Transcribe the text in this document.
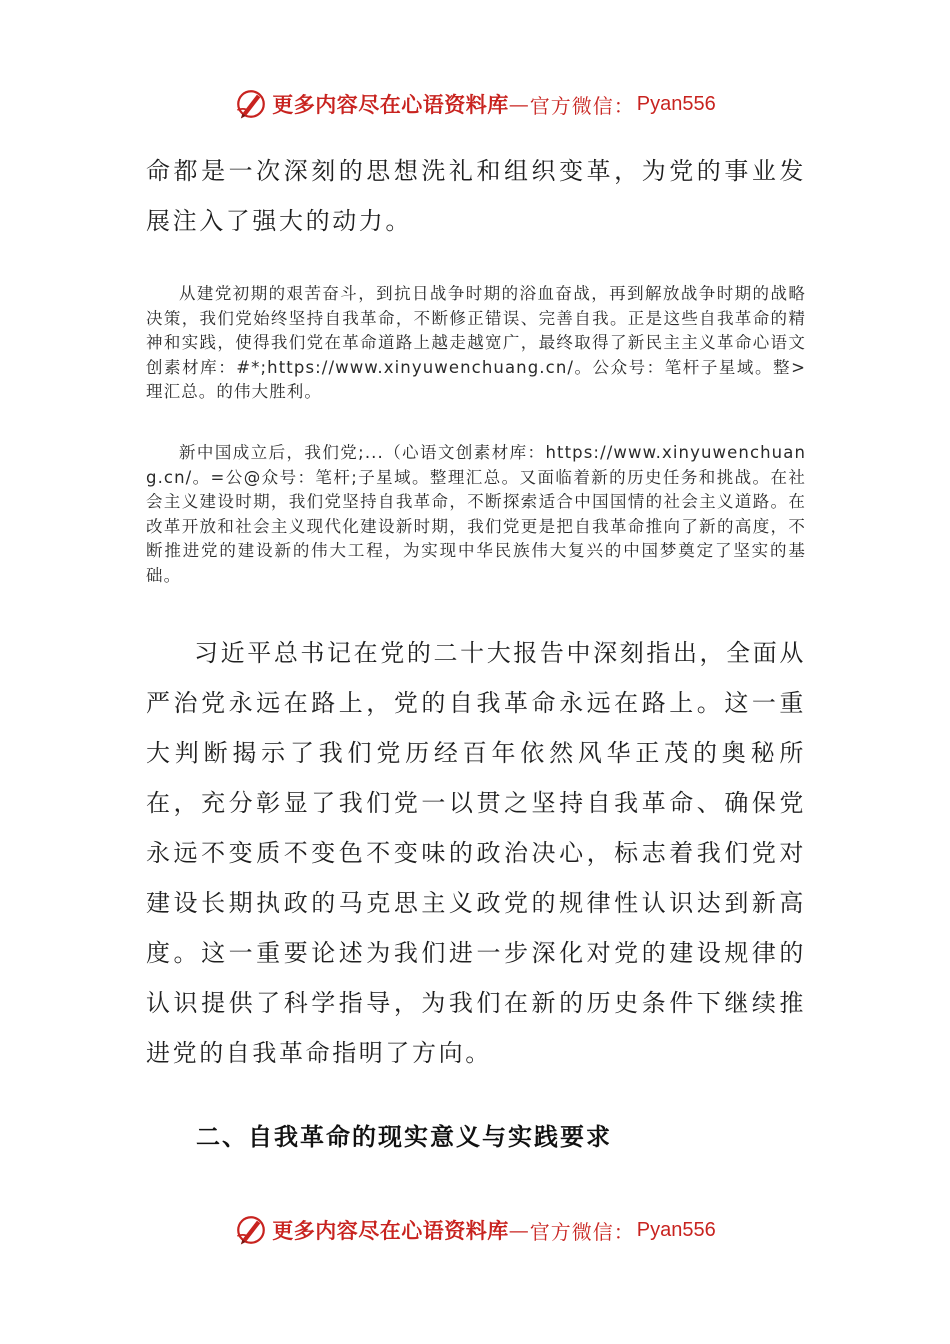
更多内容尽在心语资料库 — 官方微信： Pyan556

命都是一次深刻的思想洗礼和组织变革，为党的事业发展注入了强大的动力。

从建党初期的艰苦奋斗，到抗日战争时期的浴血奋战，再到解放战争时期的战略决策，我们党始终坚持自我革命，不断修正错误、完善自我。正是这些自我革命的精神和实践，使得我们党在革命道路上越走越宽广，最终取得了新民主主义革命心语文创素材库：#*;https://www.xinyuwenchuang.cn/。公众号：笔杆子星域。整>理汇总。的伟大胜利。

新中国成立后，我们党;...（心语文创素材库：https://www.xinyuwenchuang.cn/。=公@众号：笔杆;子星域。整理汇总。又面临着新的历史任务和挑战。在社会主义建设时期，我们党坚持自我革命，不断探索适合中国国情的社会主义道路。在改革开放和社会主义现代化建设新时期，我们党更是把自我革命推向了新的高度，不断推进党的建设新的伟大工程，为实现中华民族伟大复兴的中国梦奠定了坚实的基础。

习近平总书记在党的二十大报告中深刻指出，全面从严治党永远在路上，党的自我革命永远在路上。这一重大判断揭示了我们党历经百年依然风华正茂的奥秘所在，充分彰显了我们党一以贯之坚持自我革命、确保党永远不变质不变色不变味的政治决心，标志着我们党对建设长期执政的马克思主义政党的规律性认识达到新高度。这一重要论述为我们进一步深化对党的建设规律的认识提供了科学指导，为我们在新的历史条件下继续推进党的自我革命指明了方向。

二、自我革命的现实意义与实践要求
更多内容尽在心语资料库 — 官方微信： Pyan556
